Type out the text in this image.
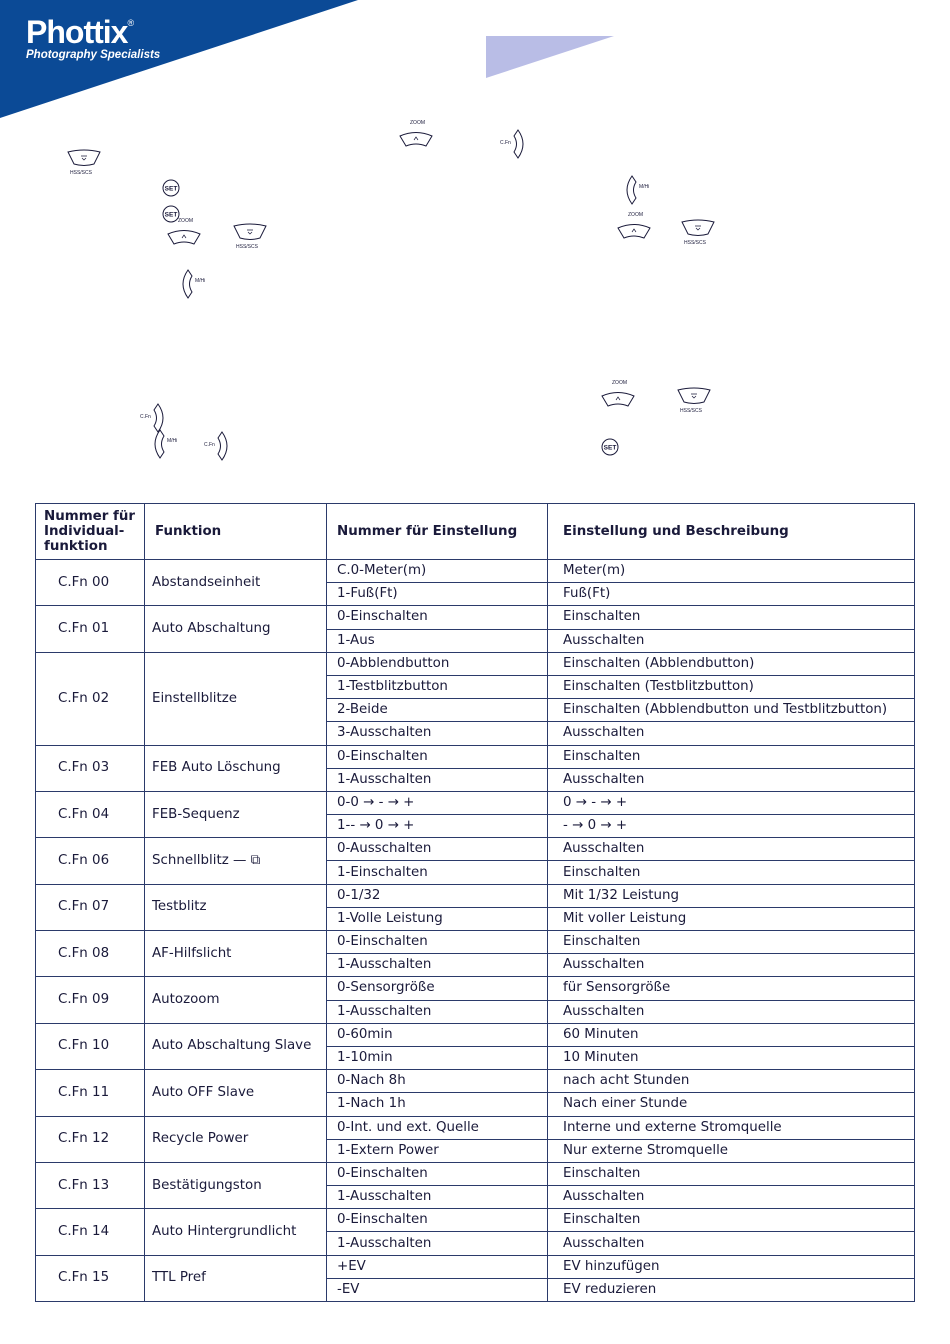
Phottix®
Photography Specialists
HSS/SCS
SET
SET
ZOOM
HSS/SCS
M/Hi
ZOOM
C.Fn
M/Hi
ZOOM
HSS/SCS
C.Fn
M/Hi
C.Fn
ZOOM
HSS/SCS
SET
Nummer für Individual-funktion	Funktion	Nummer für Einstellung	Einstellung und Beschreibung
C.Fn 00	Abstandseinheit	C.0-Meter(m)	Meter(m)
		1-Fuß(Ft)	Fuß(Ft)
C.Fn 01	Auto Abschaltung	0-Einschalten	Einschalten
		1-Aus	Ausschalten
C.Fn 02	Einstellblitze	0-Abblendbutton	Einschalten (Abblendbutton)
		1-Testblitzbutton	Einschalten (Testblitzbutton)
		2-Beide	Einschalten (Abblendbutton und Testblitzbutton)
		3-Ausschalten	Ausschalten
C.Fn 03	FEB Auto Löschung	0-Einschalten	Einschalten
		1-Ausschalten	Ausschalten
C.Fn 04	FEB-Sequenz	0-0 → - → +	0 → - → +
		1-- → 0 → +	- → 0 → +
C.Fn 06	Schnellblitz — ⧉	0-Ausschalten	Ausschalten
		1-Einschalten	Einschalten
C.Fn 07	Testblitz	0-1/32	Mit 1/32 Leistung
		1-Volle Leistung	Mit voller Leistung
C.Fn 08	AF-Hilfslicht	0-Einschalten	Einschalten
		1-Ausschalten	Ausschalten
C.Fn 09	Autozoom	0-Sensorgröße	für Sensorgröße
		1-Ausschalten	Ausschalten
C.Fn 10	Auto Abschaltung Slave	0-60min	60 Minuten
		1-10min	10 Minuten
C.Fn 11	Auto OFF Slave	0-Nach 8h	nach acht Stunden
		1-Nach 1h	Nach einer Stunde
C.Fn 12	Recycle Power	0-Int. und ext. Quelle	Interne und externe Stromquelle
		1-Extern Power	Nur externe Stromquelle
C.Fn 13	Bestätigungston	0-Einschalten	Einschalten
		1-Ausschalten	Ausschalten
C.Fn 14	Auto Hintergrundlicht	0-Einschalten	Einschalten
		1-Ausschalten	Ausschalten
C.Fn 15	TTL Pref	+EV	EV hinzufügen
		-EV	EV reduzieren
